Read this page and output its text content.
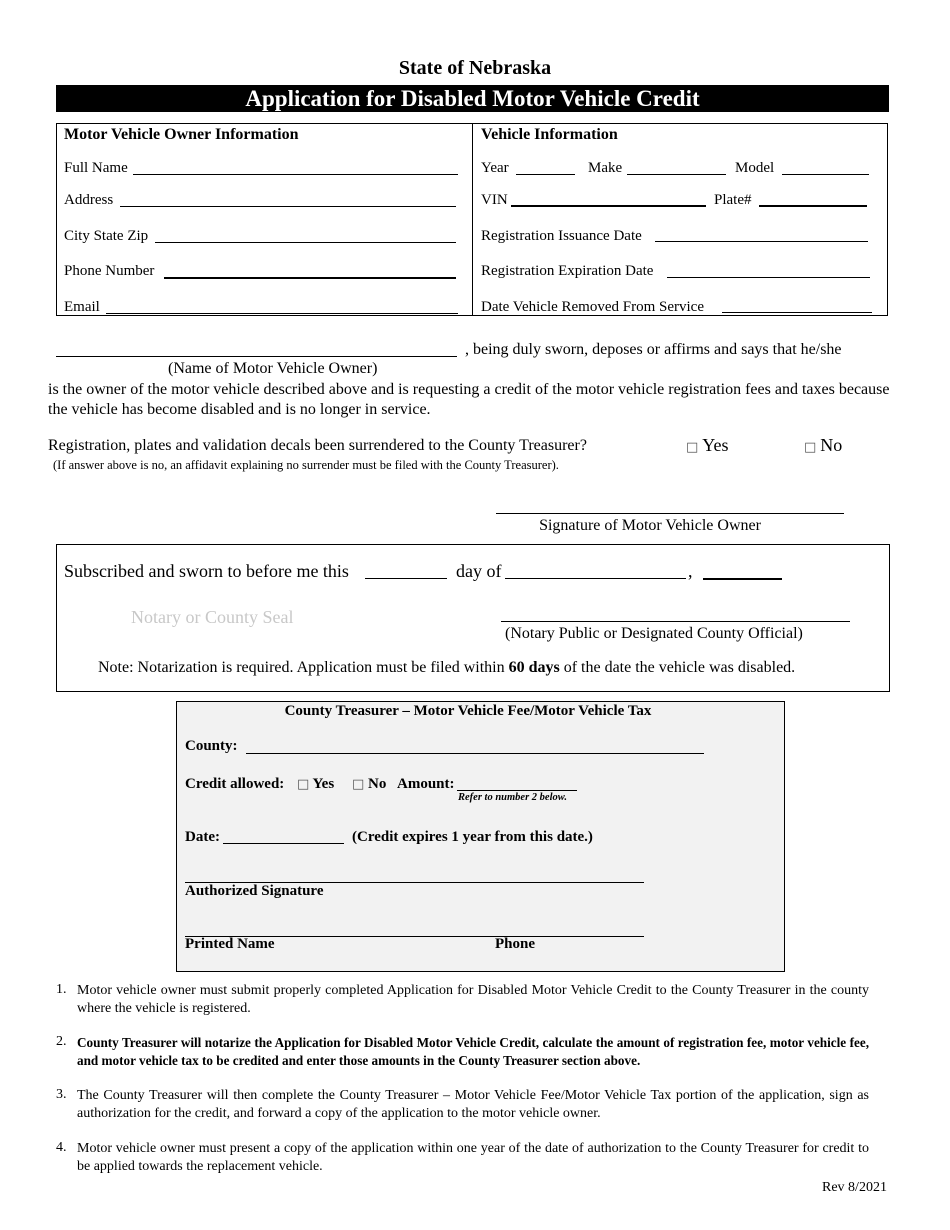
State of Nebraska
Application for Disabled Motor Vehicle Credit
Motor Vehicle Owner Information
Full Name
Address
City State Zip
Phone Number
Email
Vehicle Information
Year	Make	Model
VIN	Plate#
Registration Issuance Date
Registration Expiration Date
Date Vehicle Removed From Service
, being duly sworn, deposes or affirms and says that he/she
(Name of Motor Vehicle Owner)
is the owner of the motor vehicle described above and is requesting a credit of the motor vehicle registration fees and taxes because the vehicle has become disabled and is no longer in service.
Registration, plates and validation decals been surrendered to the County Treasurer?	□ Yes	□ No
(If answer above is no, an affidavit explaining no surrender must be filed with the County Treasurer).
Signature of Motor Vehicle Owner
Subscribed and sworn to before me this	day of	,
Notary or County Seal
(Notary Public or Designated County Official)
Note: Notarization is required. Application must be filed within 60 days of the date the vehicle was disabled.
County Treasurer – Motor Vehicle Fee/Motor Vehicle Tax
County:
Credit allowed: □ Yes □ No Amount:
Refer to number 2 below.
Date:	(Credit expires 1 year from this date.)
Authorized Signature
Printed Name	Phone
1. Motor vehicle owner must submit properly completed Application for Disabled Motor Vehicle Credit to the County Treasurer in the county where the vehicle is registered.
2. County Treasurer will notarize the Application for Disabled Motor Vehicle Credit, calculate the amount of registration fee, motor vehicle fee, and motor vehicle tax to be credited and enter those amounts in the County Treasurer section above.
3. The County Treasurer will then complete the County Treasurer – Motor Vehicle Fee/Motor Vehicle Tax portion of the application, sign as authorization for the credit, and forward a copy of the application to the motor vehicle owner.
4. Motor vehicle owner must present a copy of the application within one year of the date of authorization to the County Treasurer for credit to be applied towards the replacement vehicle.
Rev 8/2021
